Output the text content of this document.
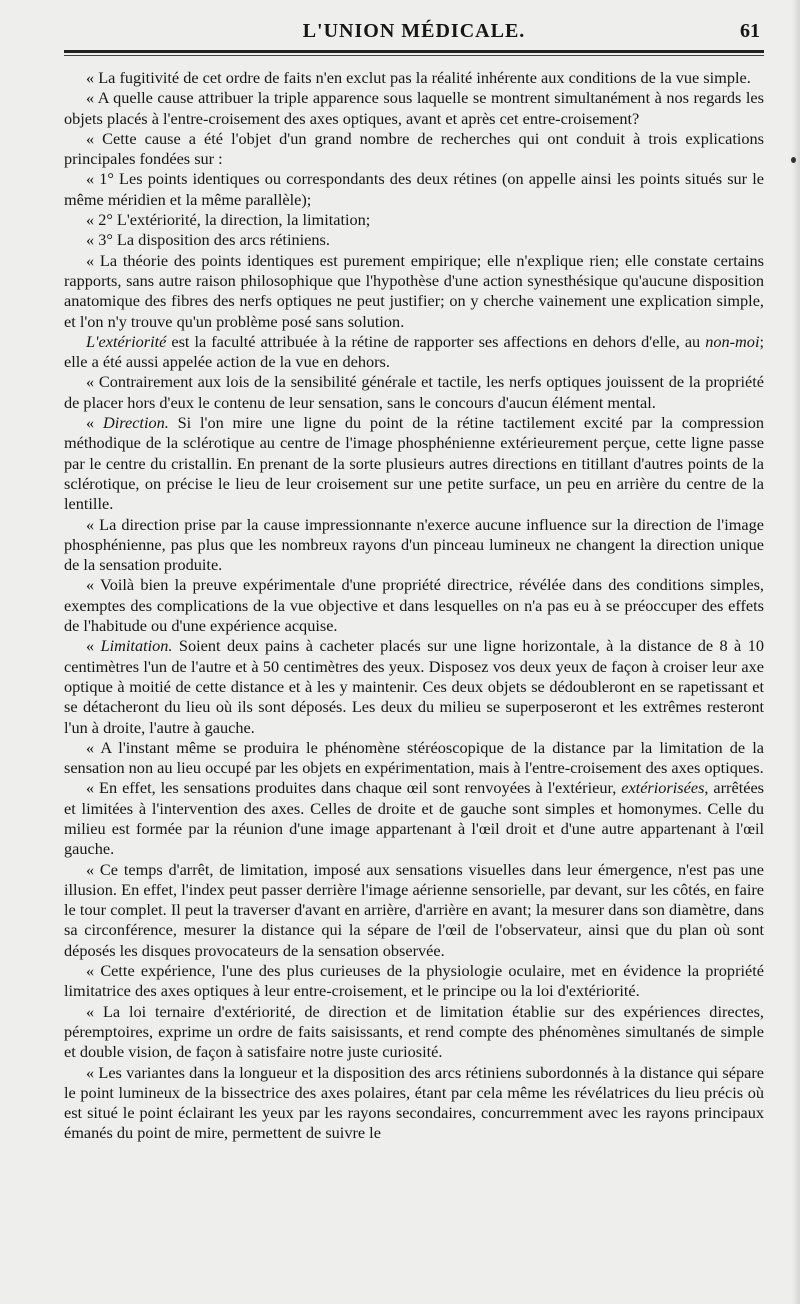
L'UNION MÉDICALE.	61

« La fugitivité de cet ordre de faits n'en exclut pas la réalité inhérente aux conditions de la vue simple.

« A quelle cause attribuer la triple apparence sous laquelle se montrent simultanément à nos regards les objets placés à l'entre-croisement des axes optiques, avant et après cet entre-croisement?

« Cette cause a été l'objet d'un grand nombre de recherches qui ont conduit à trois explications principales fondées sur :

« 1° Les points identiques ou correspondants des deux rétines (on appelle ainsi les points situés sur le même méridien et la même parallèle);

« 2° L'extériorité, la direction, la limitation;

« 3° La disposition des arcs rétiniens.

« La théorie des points identiques est purement empirique; elle n'explique rien; elle constate certains rapports, sans autre raison philosophique que l'hypothèse d'une action synesthésique qu'aucune disposition anatomique des fibres des nerfs optiques ne peut justifier; on y cherche vainement une explication simple, et l'on n'y trouve qu'un problème posé sans solution.

L'extériorité est la faculté attribuée à la rétine de rapporter ses affections en dehors d'elle, au non-moi; elle a été aussi appelée action de la vue en dehors.

« Contrairement aux lois de la sensibilité générale et tactile, les nerfs optiques jouissent de la propriété de placer hors d'eux le contenu de leur sensation, sans le concours d'aucun élément mental.

« Direction. Si l'on mire une ligne du point de la rétine tactilement excité par la compression méthodique de la sclérotique au centre de l'image phosphénienne extérieurement perçue, cette ligne passe par le centre du cristallin. En prenant de la sorte plusieurs autres directions en titillant d'autres points de la sclérotique, on précise le lieu de leur croisement sur une petite surface, un peu en arrière du centre de la lentille.

« La direction prise par la cause impressionnante n'exerce aucune influence sur la direction de l'image phosphénienne, pas plus que les nombreux rayons d'un pinceau lumineux ne changent la direction unique de la sensation produite.

« Voilà bien la preuve expérimentale d'une propriété directrice, révélée dans des conditions simples, exemptes des complications de la vue objective et dans lesquelles on n'a pas eu à se préoccuper des effets de l'habitude ou d'une expérience acquise.

« Limitation. Soient deux pains à cacheter placés sur une ligne horizontale, à la distance de 8 à 10 centimètres l'un de l'autre et à 50 centimètres des yeux. Disposez vos deux yeux de façon à croiser leur axe optique à moitié de cette distance et à les y maintenir. Ces deux objets se dédoubleront en se rapetissant et se détacheront du lieu où ils sont déposés. Les deux du milieu se superposeront et les extrêmes resteront l'un à droite, l'autre à gauche.

« A l'instant même se produira le phénomène stéréoscopique de la distance par la limitation de la sensation non au lieu occupé par les objets en expérimentation, mais à l'entre-croisement des axes optiques.

« En effet, les sensations produites dans chaque œil sont renvoyées à l'extérieur, extériorisées, arrêtées et limitées à l'intervention des axes. Celles de droite et de gauche sont simples et homonymes. Celle du milieu est formée par la réunion d'une image appartenant à l'œil droit et d'une autre appartenant à l'œil gauche.

« Ce temps d'arrêt, de limitation, imposé aux sensations visuelles dans leur émergence, n'est pas une illusion. En effet, l'index peut passer derrière l'image aérienne sensorielle, par devant, sur les côtés, en faire le tour complet. Il peut la traverser d'avant en arrière, d'arrière en avant; la mesurer dans son diamètre, dans sa circonférence, mesurer la distance qui la sépare de l'œil de l'observateur, ainsi que du plan où sont déposés les disques provocateurs de la sensation observée.

« Cette expérience, l'une des plus curieuses de la physiologie oculaire, met en évidence la propriété limitatrice des axes optiques à leur entre-croisement, et le principe ou la loi d'extériorité.

« La loi ternaire d'extériorité, de direction et de limitation établie sur des expériences directes, péremptoires, exprime un ordre de faits saisissants, et rend compte des phénomènes simultanés de simple et double vision, de façon à satisfaire notre juste curiosité.

« Les variantes dans la longueur et la disposition des arcs rétiniens subordonnés à la distance qui sépare le point lumineux de la bissectrice des axes polaires, étant par cela même les révélatrices du lieu précis où est situé le point éclairant les yeux par les rayons secondaires, concurremment avec les rayons principaux émanés du point de mire, permettent de suivre le
